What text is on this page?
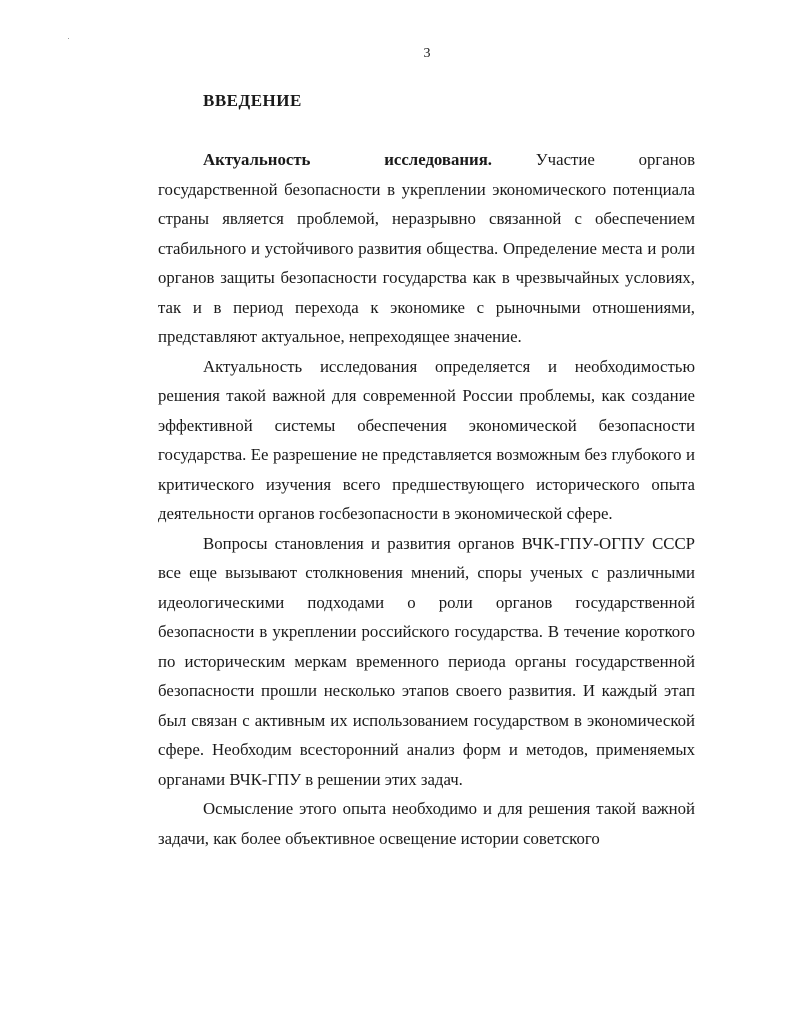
3
ВВЕДЕНИЕ

Актуальность исследования. Участие органов государственной безопасности в укреплении экономического потенциала страны является проблемой, неразрывно связанной с обеспечением стабильного и устойчивого развития общества. Определение места и роли органов защиты безопасности государства как в чрезвычайных условиях, так и в период перехода к экономике с рыночными отношениями, представляют актуальное, непреходящее значение.

Актуальность исследования определяется и необходимостью решения такой важной для современной России проблемы, как создание эффективной системы обеспечения экономической безопасности государства. Ее разрешение не представляется возможным без глубокого и критического изучения всего предшествующего исторического опыта деятельности органов госбезопасности в экономической сфере.

Вопросы становления и развития органов ВЧК-ГПУ-ОГПУ СССР все еще вызывают столкновения мнений, споры ученых с различными идеологическими подходами о роли органов государственной безопасности в укреплении российского государства. В течение короткого по историческим меркам временного периода органы государственной безопасности прошли несколько этапов своего развития. И каждый этап был связан с активным их использованием государством в экономической сфере. Необходим всесторонний анализ форм и методов, применяемых органами ВЧК-ГПУ в решении этих задач.

Осмысление этого опыта необходимо и для решения такой важной задачи, как более объективное освещение истории советского
